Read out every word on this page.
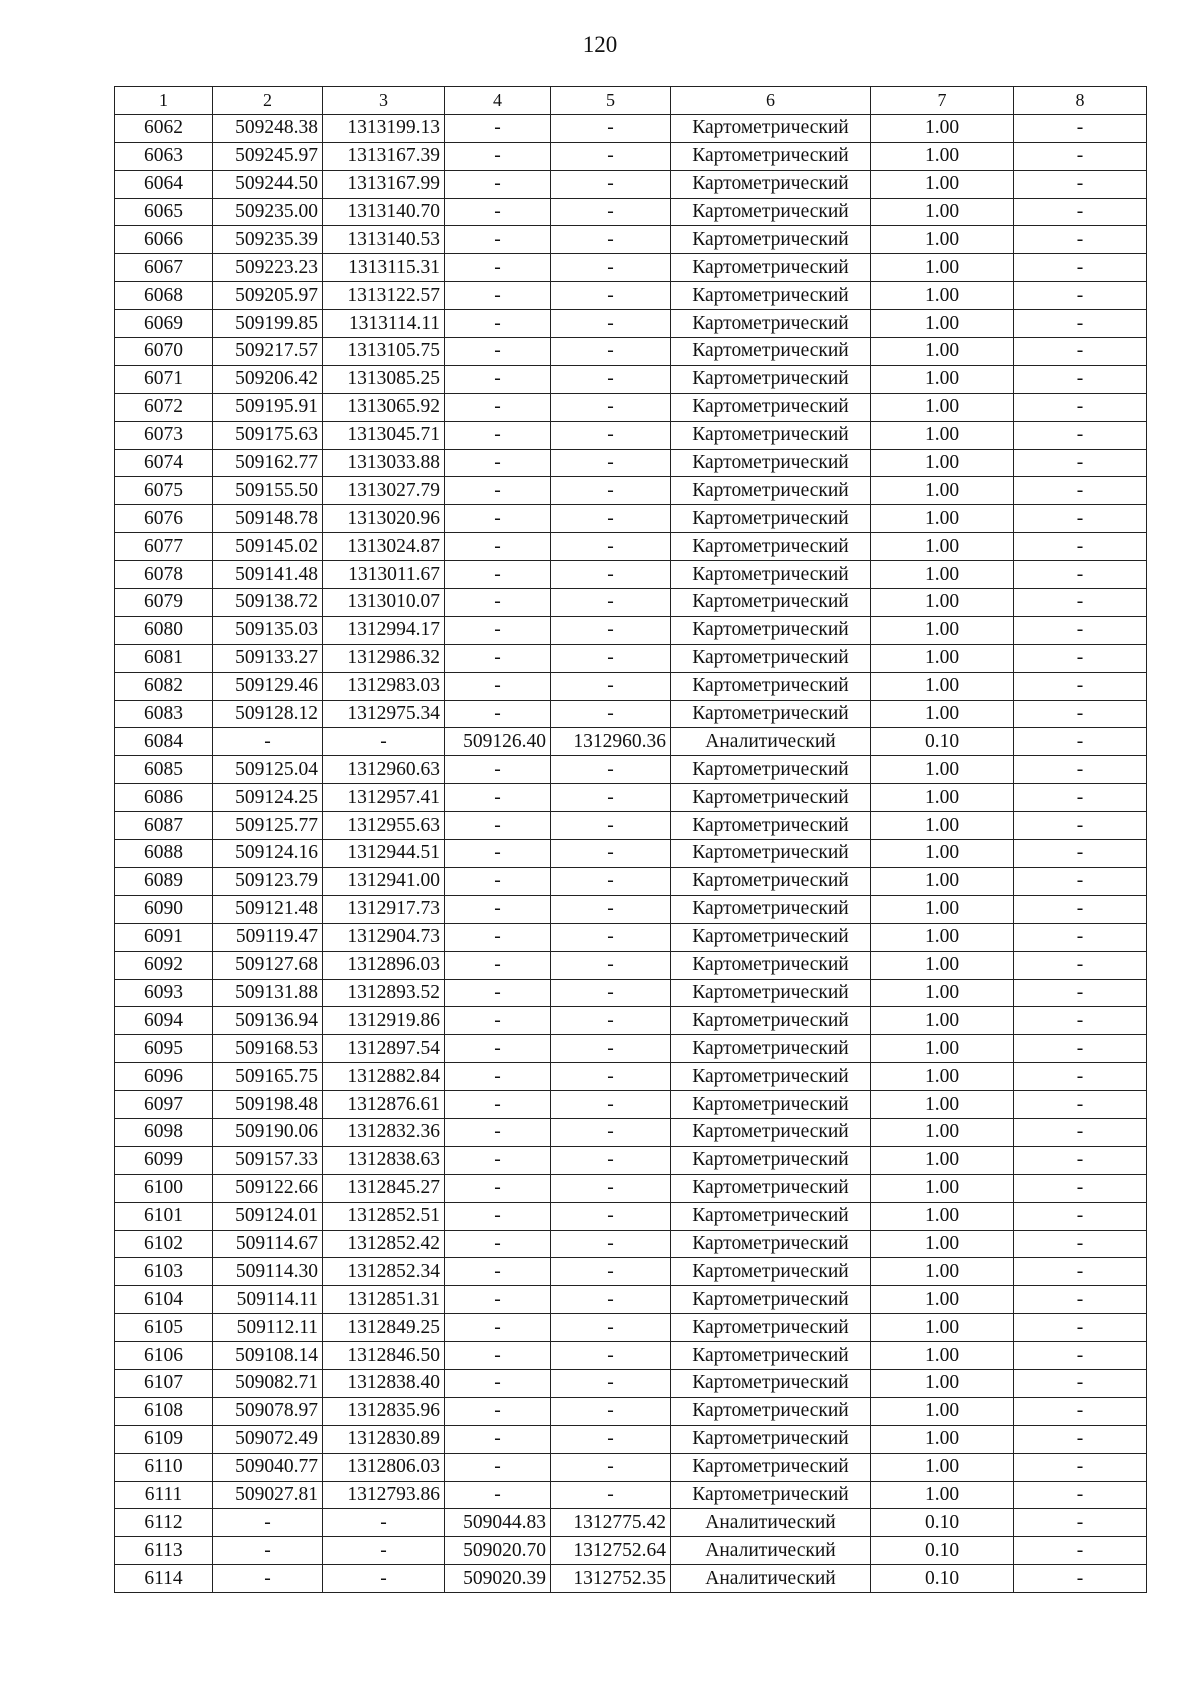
120
1	2	3	4	5	6	7	8
6062	509248.38	1313199.13	-	-	Картометрический	1.00	-
6063	509245.97	1313167.39	-	-	Картометрический	1.00	-
6064	509244.50	1313167.99	-	-	Картометрический	1.00	-
6065	509235.00	1313140.70	-	-	Картометрический	1.00	-
6066	509235.39	1313140.53	-	-	Картометрический	1.00	-
6067	509223.23	1313115.31	-	-	Картометрический	1.00	-
6068	509205.97	1313122.57	-	-	Картометрический	1.00	-
6069	509199.85	1313114.11	-	-	Картометрический	1.00	-
6070	509217.57	1313105.75	-	-	Картометрический	1.00	-
6071	509206.42	1313085.25	-	-	Картометрический	1.00	-
6072	509195.91	1313065.92	-	-	Картометрический	1.00	-
6073	509175.63	1313045.71	-	-	Картометрический	1.00	-
6074	509162.77	1313033.88	-	-	Картометрический	1.00	-
6075	509155.50	1313027.79	-	-	Картометрический	1.00	-
6076	509148.78	1313020.96	-	-	Картометрический	1.00	-
6077	509145.02	1313024.87	-	-	Картометрический	1.00	-
6078	509141.48	1313011.67	-	-	Картометрический	1.00	-
6079	509138.72	1313010.07	-	-	Картометрический	1.00	-
6080	509135.03	1312994.17	-	-	Картометрический	1.00	-
6081	509133.27	1312986.32	-	-	Картометрический	1.00	-
6082	509129.46	1312983.03	-	-	Картометрический	1.00	-
6083	509128.12	1312975.34	-	-	Картометрический	1.00	-
6084	-	-	509126.40	1312960.36	Аналитический	0.10	-
6085	509125.04	1312960.63	-	-	Картометрический	1.00	-
6086	509124.25	1312957.41	-	-	Картометрический	1.00	-
6087	509125.77	1312955.63	-	-	Картометрический	1.00	-
6088	509124.16	1312944.51	-	-	Картометрический	1.00	-
6089	509123.79	1312941.00	-	-	Картометрический	1.00	-
6090	509121.48	1312917.73	-	-	Картометрический	1.00	-
6091	509119.47	1312904.73	-	-	Картометрический	1.00	-
6092	509127.68	1312896.03	-	-	Картометрический	1.00	-
6093	509131.88	1312893.52	-	-	Картометрический	1.00	-
6094	509136.94	1312919.86	-	-	Картометрический	1.00	-
6095	509168.53	1312897.54	-	-	Картометрический	1.00	-
6096	509165.75	1312882.84	-	-	Картометрический	1.00	-
6097	509198.48	1312876.61	-	-	Картометрический	1.00	-
6098	509190.06	1312832.36	-	-	Картометрический	1.00	-
6099	509157.33	1312838.63	-	-	Картометрический	1.00	-
6100	509122.66	1312845.27	-	-	Картометрический	1.00	-
6101	509124.01	1312852.51	-	-	Картометрический	1.00	-
6102	509114.67	1312852.42	-	-	Картометрический	1.00	-
6103	509114.30	1312852.34	-	-	Картометрический	1.00	-
6104	509114.11	1312851.31	-	-	Картометрический	1.00	-
6105	509112.11	1312849.25	-	-	Картометрический	1.00	-
6106	509108.14	1312846.50	-	-	Картометрический	1.00	-
6107	509082.71	1312838.40	-	-	Картометрический	1.00	-
6108	509078.97	1312835.96	-	-	Картометрический	1.00	-
6109	509072.49	1312830.89	-	-	Картометрический	1.00	-
6110	509040.77	1312806.03	-	-	Картометрический	1.00	-
6111	509027.81	1312793.86	-	-	Картометрический	1.00	-
6112	-	-	509044.83	1312775.42	Аналитический	0.10	-
6113	-	-	509020.70	1312752.64	Аналитический	0.10	-
6114	-	-	509020.39	1312752.35	Аналитический	0.10	-
